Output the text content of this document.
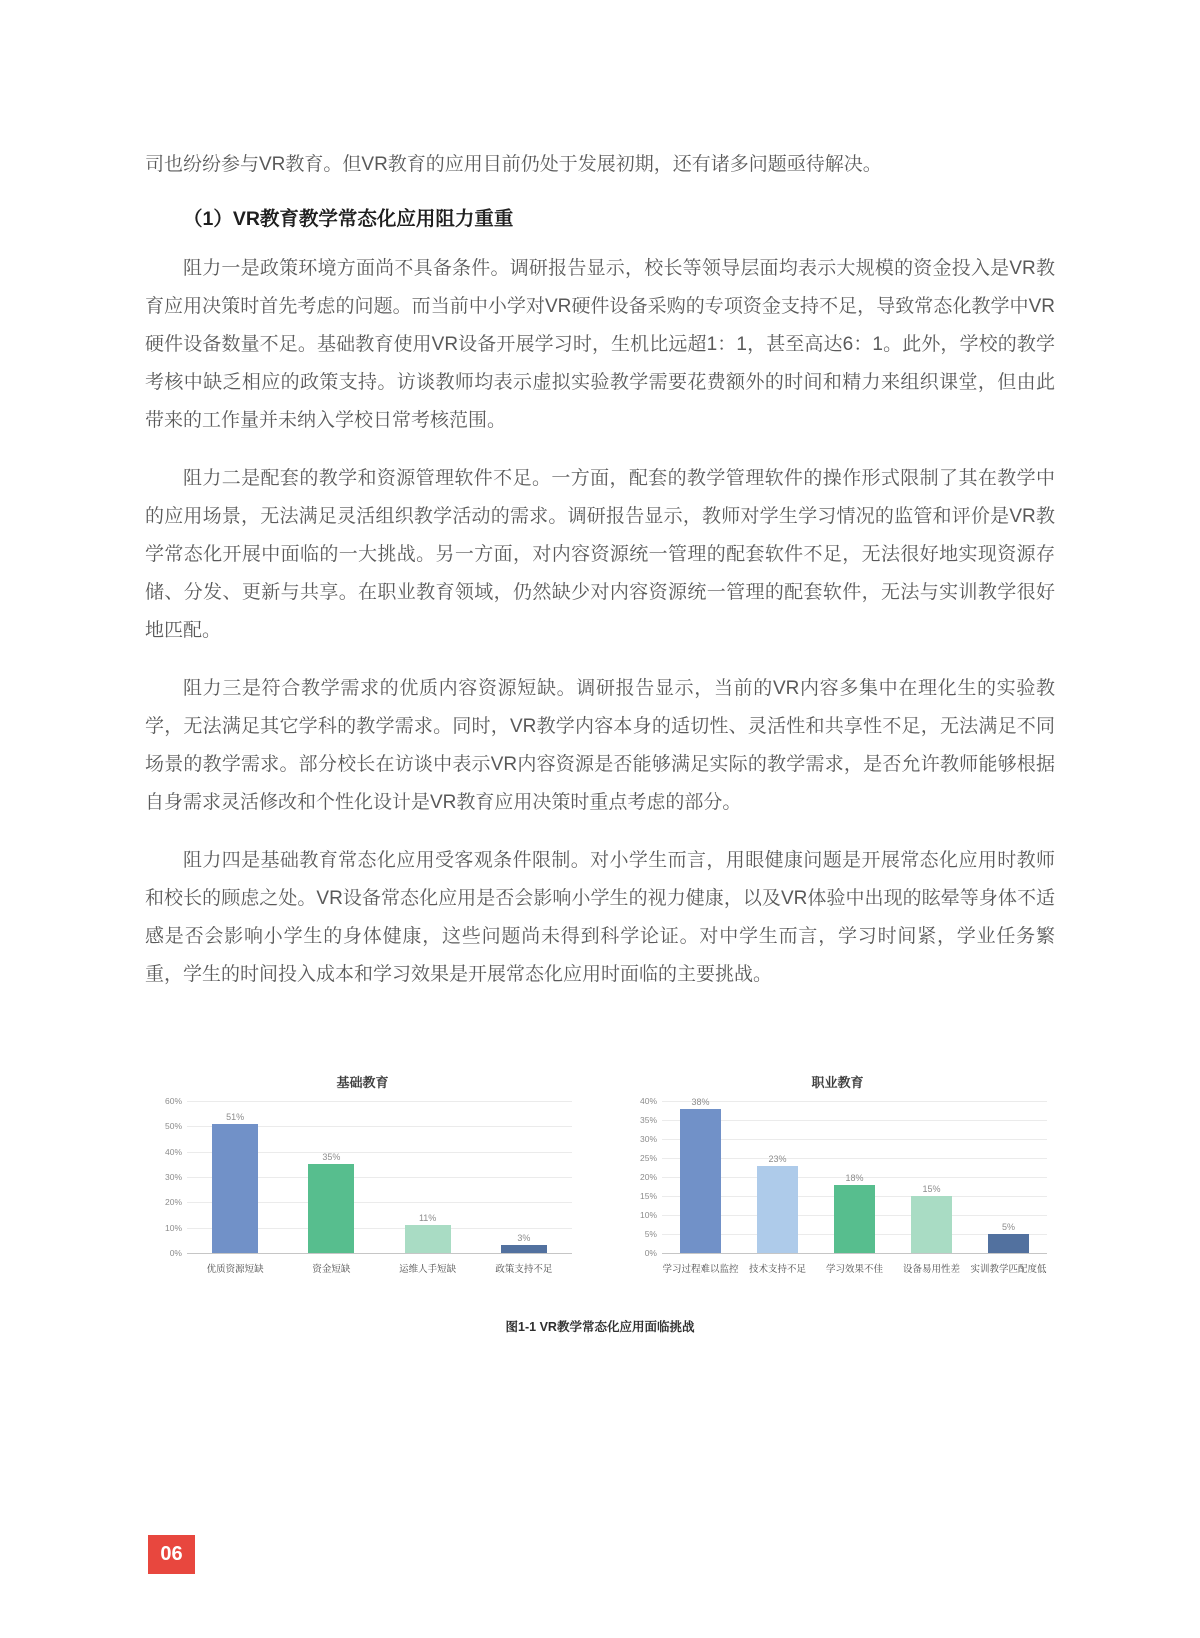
司也纷纷参与VR教育。但VR教育的应用目前仍处于发展初期，还有诸多问题亟待解决。

（1）VR教育教学常态化应用阻力重重

阻力一是政策环境方面尚不具备条件。调研报告显示，校长等领导层面均表示大规模的资金投入是VR教育应用决策时首先考虑的问题。而当前中小学对VR硬件设备采购的专项资金支持不足，导致常态化教学中VR硬件设备数量不足。基础教育使用VR设备开展学习时，生机比远超1：1，甚至高达6：1。此外，学校的教学考核中缺乏相应的政策支持。访谈教师均表示虚拟实验教学需要花费额外的时间和精力来组织课堂，但由此带来的工作量并未纳入学校日常考核范围。

阻力二是配套的教学和资源管理软件不足。一方面，配套的教学管理软件的操作形式限制了其在教学中的应用场景，无法满足灵活组织教学活动的需求。调研报告显示，教师对学生学习情况的监管和评价是VR教学常态化开展中面临的一大挑战。另一方面，对内容资源统一管理的配套软件不足，无法很好地实现资源存储、分发、更新与共享。在职业教育领域，仍然缺少对内容资源统一管理的配套软件，无法与实训教学很好地匹配。

阻力三是符合教学需求的优质内容资源短缺。调研报告显示，当前的VR内容多集中在理化生的实验教学，无法满足其它学科的教学需求。同时，VR教学内容本身的适切性、灵活性和共享性不足，无法满足不同场景的教学需求。部分校长在访谈中表示VR内容资源是否能够满足实际的教学需求，是否允许教师能够根据自身需求灵活修改和个性化设计是VR教育应用决策时重点考虑的部分。

阻力四是基础教育常态化应用受客观条件限制。对小学生而言，用眼健康问题是开展常态化应用时教师和校长的顾虑之处。VR设备常态化应用是否会影响小学生的视力健康，以及VR体验中出现的眩晕等身体不适感是否会影响小学生的身体健康，这些问题尚未得到科学论证。对中学生而言，学习时间紧，学业任务繁重，学生的时间投入成本和学习效果是开展常态化应用时面临的主要挑战。

基础教育
0%
10%
20%
30%
40%
50%
60%
51%
35%
11%
3%
优质资源短缺	资金短缺	运维人手短缺	政策支持不足
职业教育
0%
5%
10%
15%
20%
25%
30%
35%
40%	38%
23%
18%
15%
5%
学习过程难以监控	技术支持不足	学习效果不佳	设备易用性差	实训教学匹配度低
图1-1 VR教学常态化应用面临挑战
06
